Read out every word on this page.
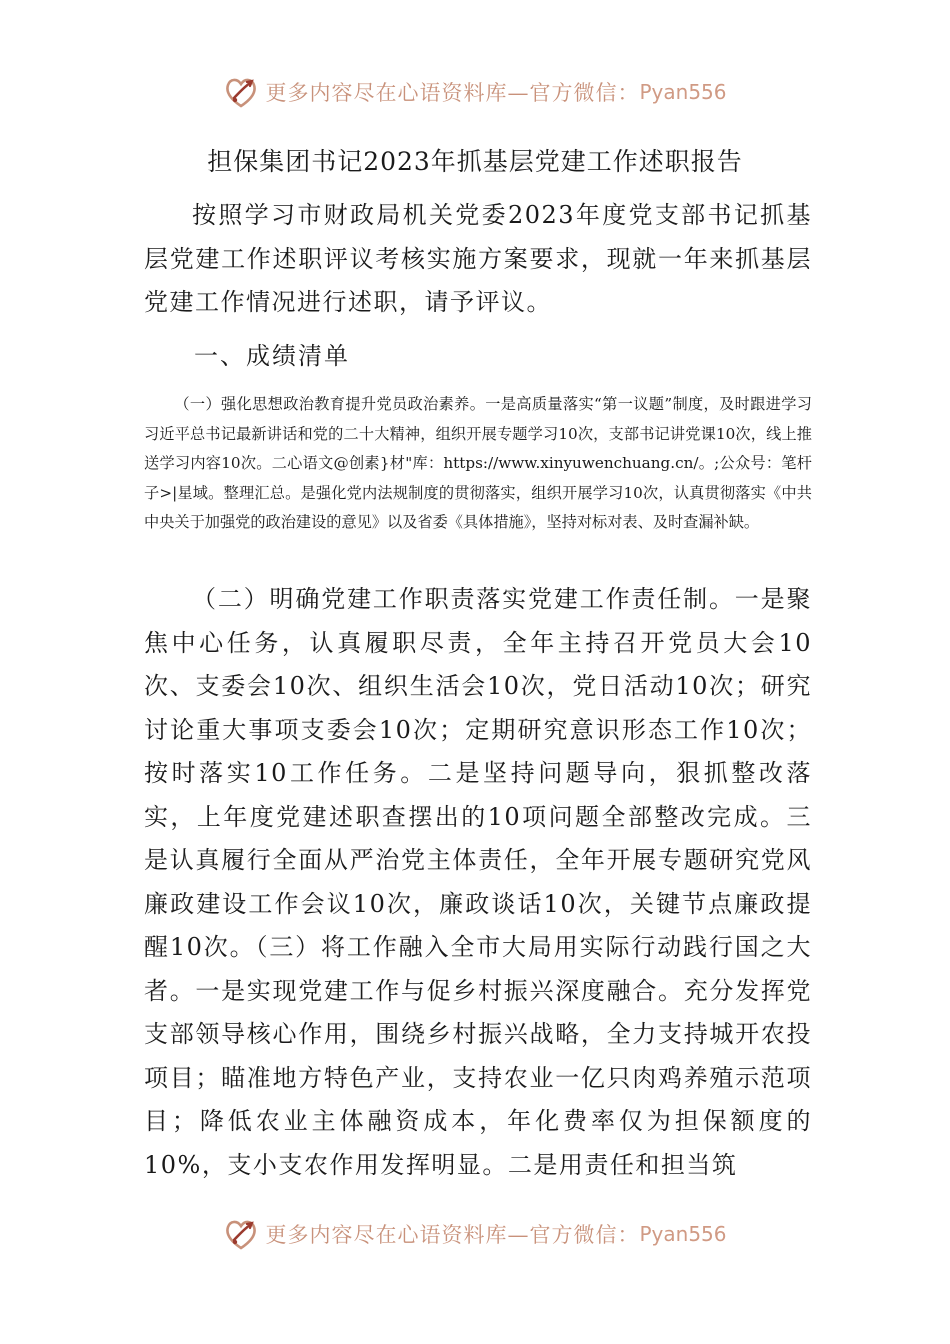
更多内容尽在心语资料库— 官方微信： Pyan556
担保集团书记2023年抓基层党建工作述职报告

按照学习市财政局机关党委2023年度党支部书记抓基层党建工作述职评议考核实施方案要求，现就一年来抓基层党建工作情况进行述职，请予评议。

一、成绩清单

（一）强化思想政治教育提升党员政治素养。一是高质量落实“第一议题”制度，及时跟进学习习近平总书记最新讲话和党的二十大精神，组织开展专题学习10次，支部书记讲党课10次，线上推送学习内容10次。二心语文@创素}材"库：https://www.xinyuwenchuang.cn/。;公众号：笔杆子>|星域。整理汇总。是强化党内法规制度的贯彻落实，组织开展学习10次，认真贯彻落实《中共中央关于加强党的政治建设的意见》以及省委《具体措施》，坚持对标对表、及时查漏补缺。

（二）明确党建工作职责落实党建工作责任制。一是聚焦中心任务，认真履职尽责，全年主持召开党员大会10次、支委会10次、组织生活会10次，党日活动10次；研究讨论重大事项支委会10次；定期研究意识形态工作10次；按时落实10工作任务。二是坚持问题导向，狠抓整改落实，上年度党建述职查摆出的10项问题全部整改完成。三是认真履行全面从严治党主体责任，全年开展专题研究党风廉政建设工作会议10次，廉政谈话10次，关键节点廉政提醒10次。（三）将工作融入全市大局用实际行动践行国之大者。一是实现党建工作与促乡村振兴深度融合。充分发挥党支部领导核心作用，围绕乡村振兴战略，全力支持城开农投项目；瞄准地方特色产业，支持农业一亿只肉鸡养殖示范项目；降低农业主体融资成本，年化费率仅为担保额度的10%，支小支农作用发挥明显。二是用责任和担当筑

更多内容尽在心语资料库— 官方微信： Pyan556
